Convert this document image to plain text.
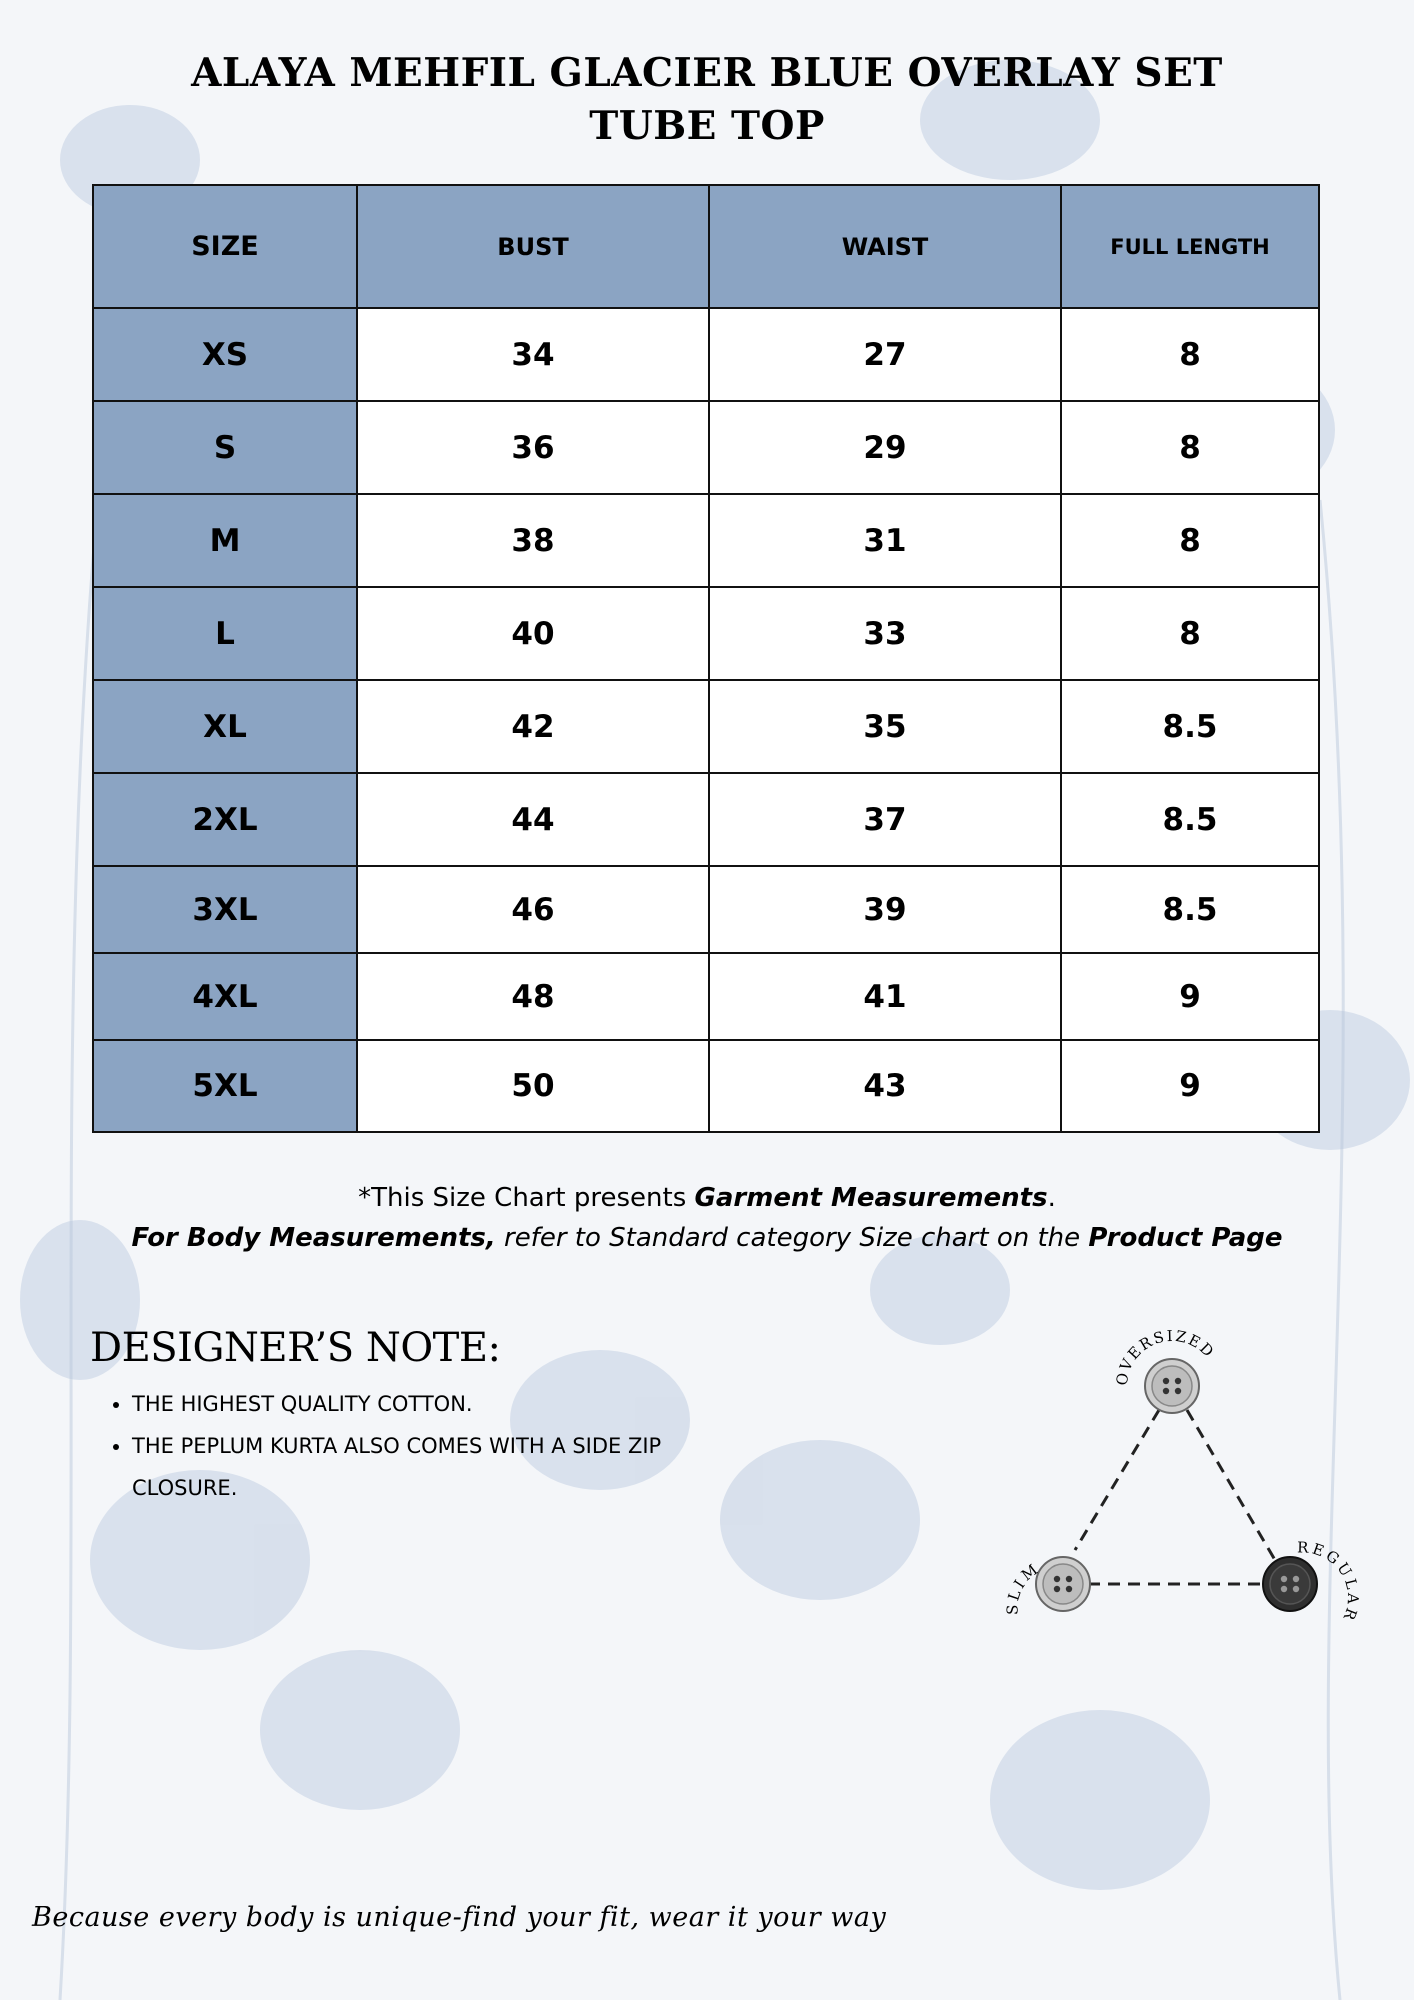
ALAYA MEHFIL GLACIER BLUE OVERLAY SET
TUBE TOP
SIZE	BUST	WAIST	FULL LENGTH
XS	34	27	8
S	36	29	8
M	38	31	8
L	40	33	8
XL	42	35	8.5
2XL	44	37	8.5
3XL	46	39	8.5
4XL	48	41	9
5XL	50	43	9
*This Size Chart presents Garment Measurements.
For Body Measurements, refer to Standard category Size chart on the Product Page
DESIGNER’S NOTE:
• THE HIGHEST QUALITY COTTON.
• THE PEPLUM KURTA ALSO COMES WITH A SIDE ZIP CLOSURE.
OVERSIZED
SLIM
REGULAR
Because every body is unique-find your fit, wear it your way
